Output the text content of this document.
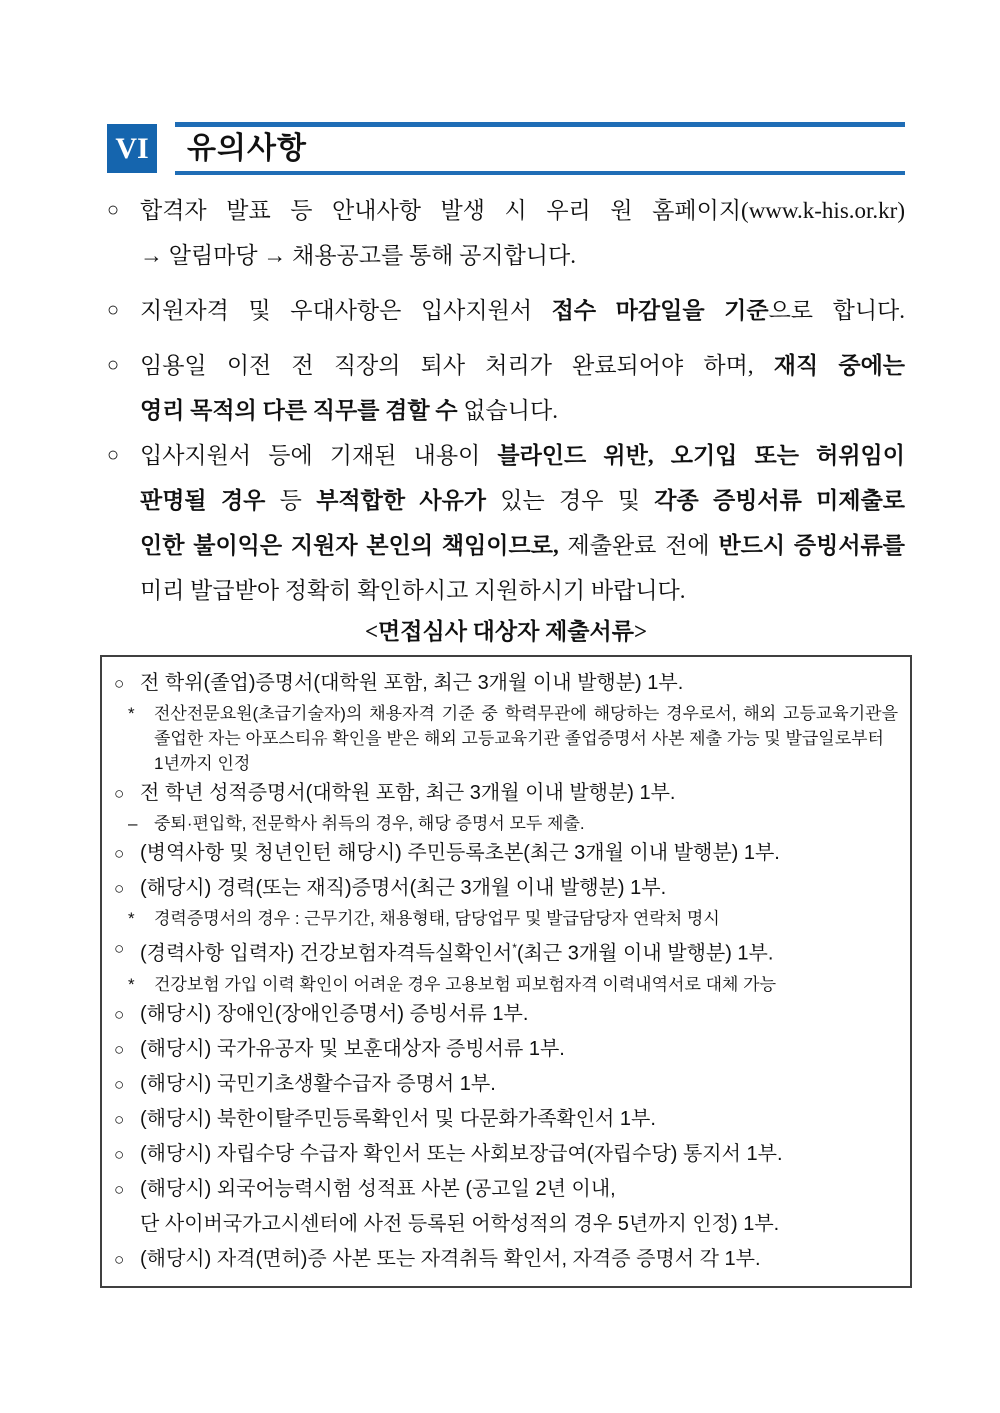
VI	유의사항
○ 합격자 발표 등 안내사항 발생 시 우리 원 홈페이지(www.k-his.or.kr)
→ 알림마당 → 채용공고를 통해 공지합니다.
○ 지원자격 및 우대사항은 입사지원서 접수 마감일을 기준으로 합니다.
○ 임용일 이전 전 직장의 퇴사 처리가 완료되어야 하며, 재직 중에는
영리 목적의 다른 직무를 겸할 수 없습니다.
○ 입사지원서 등에 기재된 내용이 블라인드 위반, 오기입 또는 허위임이
판명될 경우 등 부적합한 사유가 있는 경우 및 각종 증빙서류 미제출로
인한 불이익은 지원자 본인의 책임이므로, 제출완료 전에 반드시 증빙서류를
미리 발급받아 정확히 확인하시고 지원하시기 바랍니다.
<면접심사 대상자 제출서류>
○ 전 학위(졸업)증명서(대학원 포함, 최근 3개월 이내 발행분) 1부.
* 전산전문요원(초급기술자)의 채용자격 기준 중 학력무관에 해당하는 경우로서, 해외 고등교육기관을
졸업한 자는 아포스티유 확인을 받은 해외 고등교육기관 졸업증명서 사본 제출 가능 및 발급일로부터 1년까지 인정
○ 전 학년 성적증명서(대학원 포함, 최근 3개월 이내 발행분) 1부.
– 중퇴·편입학, 전문학사 취득의 경우, 해당 증명서 모두 제출.
○ (병역사항 및 청년인턴 해당시) 주민등록초본(최근 3개월 이내 발행분) 1부.
○ (해당시) 경력(또는 재직)증명서(최근 3개월 이내 발행분) 1부.
* 경력증명서의 경우 : 근무기간, 채용형태, 담당업무 및 발급담당자 연락처 명시
○ (경력사항 입력자) 건강보험자격득실확인서*(최근 3개월 이내 발행분) 1부.
* 건강보험 가입 이력 확인이 어려운 경우 고용보험 피보험자격 이력내역서로 대체 가능
○ (해당시) 장애인(장애인증명서) 증빙서류 1부.
○ (해당시) 국가유공자 및 보훈대상자 증빙서류 1부.
○ (해당시) 국민기초생활수급자 증명서 1부.
○ (해당시) 북한이탈주민등록확인서 및 다문화가족확인서 1부.
○ (해당시) 자립수당 수급자 확인서 또는 사회보장급여(자립수당) 통지서 1부.
○ (해당시) 외국어능력시험 성적표 사본 (공고일 2년 이내,
단 사이버국가고시센터에 사전 등록된 어학성적의 경우 5년까지 인정) 1부.
○ (해당시) 자격(면허)증 사본 또는 자격취득 확인서, 자격증 증명서 각 1부.
